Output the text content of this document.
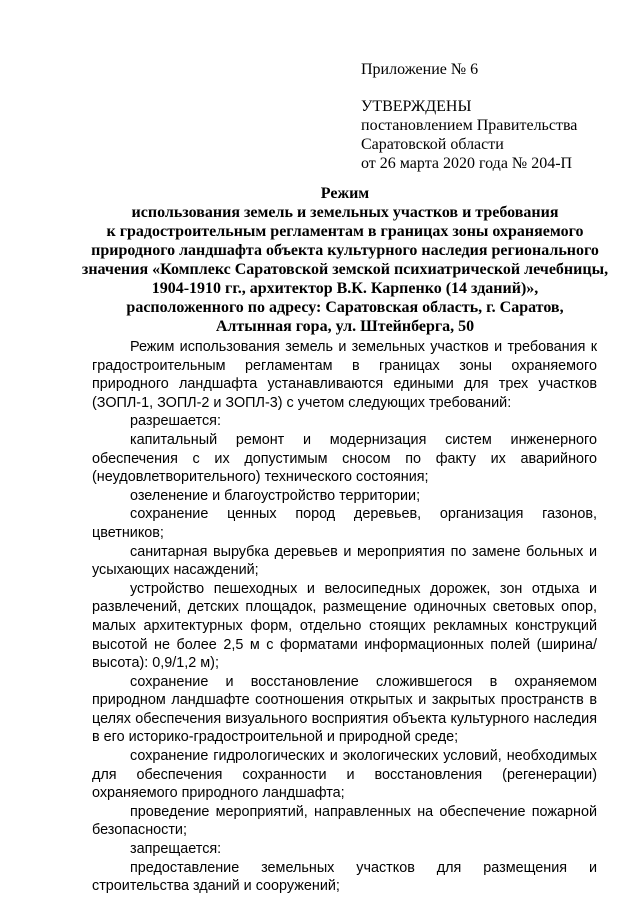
Приложение № 6
УТВЕРЖДЕНЫ
постановлением Правительства
Саратовской области
от 26 марта 2020 года № 204-П
Режим
использования земель и земельных участков и требования
к градостроительным регламентам в границах зоны охраняемого
природного ландшафта объекта культурного наследия регионального
значения «Комплекс Саратовской земской психиатрической лечебницы,
1904-1910 гг., архитектор В.К. Карпенко (14 зданий)»,
расположенного по адресу: Саратовская область, г. Саратов,
Алтынная гора, ул. Штейнберга, 50

Режим использования земель и земельных участков и требования к градостроительным регламентам в границах зоны охраняемого природного ландшафта устанавливаются едиными для трех участков (ЗОПЛ-1, ЗОПЛ-2 и ЗОПЛ-3) с учетом следующих требований:

разрешается:

капитальный ремонт и модернизация систем инженерного обеспечения с их допустимым сносом по факту их аварийного (неудовлетворительного) технического состояния;

озеленение и благоустройство территории;

сохранение ценных пород деревьев, организация газонов, цветников;

санитарная вырубка деревьев и мероприятия по замене больных и усыхающих насаждений;

устройство пешеходных и велосипедных дорожек, зон отдыха и развлечений, детских площадок, размещение одиночных световых опор, малых архитектурных форм, отдельно стоящих рекламных конструкций высотой не более 2,5 м с форматами информационных полей (ширина/высота): 0,9/1,2 м);

сохранение и восстановление сложившегося в охраняемом природном ландшафте соотношения открытых и закрытых пространств в целях обеспечения визуального восприятия объекта культурного наследия в его историко-градостроительной и природной среде;

сохранение гидрологических и экологических условий, необходимых для обеспечения сохранности и восстановления (регенерации) охраняемого природного ландшафта;

проведение мероприятий, направленных на обеспечение пожарной безопасности;

запрещается:

предоставление земельных участков для размещения и строительства зданий и сооружений;
